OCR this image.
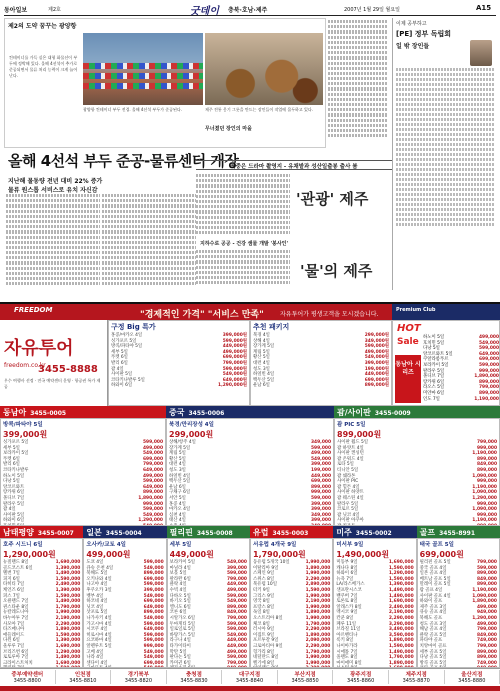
동아일보	제2호	굿데이 충북·호남·제주	2007년 1월 29일 월요일	A15
제2의 도약 꿈꾸는 광양항
컨테이너를 가득 실은 대형 화물선이 부두에 정박해 있다. 올해 4선석이 추가로 준공되면서 물류 처리 능력이 크게 늘어난다.
광양항 컨테이너 부두 전경. 올해 4선석 부두가 준공된다.	제주 전통 옹기 그릇을 만드는 장인들이 작업에 몰두하고 있다.
무너졌던 장인의 마을
올해 4선석 부두 준공-물류센터 개장
지난해 물동량 전년 대비 22% 증가
물류 원스톱 서비스로 유치 자신감
북중은 드라마 촬영지 - 유채밭과 성산일출봉 출사 붐
'관광' 제주
지하수로 공공 - 건강 샘물 개발 '봉사인'
'물'의 제주
이제 공부하고
[PE] 정부 독립회
일 밖 장인들
FREEDOM	"경제적인 가격" "서비스 만족"	자유투어가 평생고객을 모시겠습니다.
Premium Club
자유투어
freedom.co.kr
3455-8888
우수 여행사 선정 · 전국 예약센터 운영 · 항공권 특가 제공
구정 Big 특가
홍콩/마카오 4일	399,000원
싱가포르 5일	599,000원
방콕/파타야 5일	449,000원
세부 5일	499,000원
푸켓 6일	699,000원
발리 6일	799,000원
괌 4일	599,000원
사이판 5일	549,000원
코타키나발루 5일	649,000원
하와이 6일	1,290,000원
추천 패키지
북경 4일	299,000원
상해 4일	349,000원
장가계 5일	599,000원
계림 5일	499,000원
황산 5일	549,000원
대련 4일	399,000원
청도 3일	199,000원
하얼빈 4일	449,000원
백두산 5일	699,000원
운남 6일	899,000원
HOT
Sale
동남아 시리즈
하노이 5일	499,000
호치민 5일	549,000
다낭 5일	599,000
앙코르와트 5일	649,000
쿠알라룸푸르	699,000
보라카이 5일	599,000
팔라우 5일	999,000
몰디브 7일	1,890,000
랑카위 6일	899,000
라오스 5일	799,000
미얀마 6일	899,000
인도 7일	1,190,000
동남아 3455-0005
방콕/파타야 5일
399,000원
싱가포르 5일	599,000
세부 5일	499,000
보라카이 5일	549,000
푸켓 6일	699,000
발리 6일	799,000
코타키나발루	649,000
하노이 5일	499,000
다낭 5일	599,000
앙코르와트	649,000
랑카위 6일	899,000
몰디브 7일	1,890,000
팔라우 5일	999,000
괌 4일	599,000
사이판 5일	549,000
하와이 6일	1,290,000
중국 3455-0006
북경/만리장성 4일
299,000원
상해/항주 4일	349,000
장가계 5일	599,000
계림 5일	499,000
황산 5일	549,000
대련 4일	399,000
청도 3일	199,000
하얼빈 4일	449,000
백두산 5일	699,000
운남 6일	899,000
구채구 6일	999,000
서안 5일	599,000
홍콩 4일	399,000
마카오 4일	399,000
심천 4일	349,000
태산 4일	399,000
괌/사이판 3455-0009
괌 PIC 5일
899,000원
사이판 월드 5일	799,000
괌 하얏트 4일	999,000
사이판 켄싱턴	1,190,000
괌 온워드 4일	899,000
로타 5일	849,000
티니안 5일	899,000
괌 쉐라톤	1,090,000
사이판 PIC	999,000
괌 힐튼 4일	1,190,000
사이판 하얏트	1,090,000
괌 웨스틴 4일	1,290,000
팔라우 5일	999,000
코로르 5일	1,090,000
괌 닛코 4일	999,000
사이판 아쿠아	1,190,000
남태평양 3455-0007
호주 시드니 6일
1,290,000원
뉴질랜드 8일	1,690,000
골드코스트 6일	1,390,000
멜번 7일	1,490,000
피지 6일	1,590,000
타히티 7일	2,490,000
케언즈 6일	1,390,000
퍼스 7일	1,590,000
오클랜드 7일	1,490,000
퀸스타운 8일	1,790,000
뉴칼레도니아	1,990,000
바누아투 7일	2,190,000
사모아 7일	2,290,000
타즈매니아	1,890,000
애들레이드	1,590,000
다윈 6일	1,390,000
울루루 7일	1,690,000
브리즈번 6일	1,290,000
로토루아 7일	1,490,000
크라이스트처치	1,690,000
일본 3455-0004
오사카/교토 4일
499,000원
도쿄 4일	599,000
큐슈 온천 4일	549,000
북해도 5일	899,000
오키나와 4일	699,000
나고야 4일	599,000
후쿠오카 3일	399,000
벳부 4일	549,000
하코네 4일	699,000
닛코 4일	649,000
삿포로 5일	899,000
나가사키 4일	549,000
가고시마 4일	599,000
시코쿠 4일	649,000
히로시마 4일	599,000
요코하마 4일	599,000
알펜루트 5일	999,000
고베 4일	549,000
나라 4일	549,000
센다이 4일	699,000
필리핀 3455-0008
세부 5일
449,000원
보라카이 5일	549,000
마닐라 4일	399,000
보홀 5일	599,000
팔라완 6일	799,000
클락 4일	449,000
수빅 4일	499,000
다바오 5일	599,000
바기오 5일	549,000
엘니도 6일	899,000
코론 6일	849,000
시알가오 6일	799,000
두마게티 5일	599,000
일로일로 5일	599,000
바탕가스 5일	549,000
라구나 4일	449,000
타가이타이	449,000
막탄 5일	499,000
판다논 5일	599,000
카미귄 6일	799,000
유럽 3455-0003
서유럽 4개국 9일
1,790,000원
동유럽 5개국 10일	1,990,000
이탈리아 9일	1,890,000
스페인 9일	1,990,000
스위스 8일	2,290,000
북유럽 10일	2,890,000
터키 9일	1,590,000
그리스 9일	1,990,000
영국 8일	2,190,000
프랑스 8일	1,990,000
독일 8일	1,890,000
오스트리아 8일	1,990,000
체코 8일	1,790,000
러시아 9일	2,290,000
이집트 9일	1,890,000
포르투갈 9일	2,090,000
크로아티아 9일	2,290,000
헝가리 8일	1,790,000
네덜란드 8일	1,990,000
벨기에 8일	1,990,000
미주 3455-0002
미서부 9일
1,490,000원
미동부 9일	1,690,000
캐나다 8일	1,590,000
하와이 6일	1,290,000
뉴욕 7일	1,590,000
LA/라스베가스	1,390,000
샌프란시스코	1,490,000
밴쿠버 7일	1,490,000
토론토 8일	1,690,000
알래스카 8일	2,490,000
멕시코 9일	2,190,000
칸쿤 8일	2,290,000
페루 11일	3,290,000
브라질 11일	3,490,000
아르헨티나	3,590,000
록키 8일	1,890,000
나이아가라	1,590,000
시애틀 7일	1,490,000
올랜도 8일	1,790,000
마이애미 8일	1,890,000
골프 3455-8991
태국 골프 5일
699,000원
필리핀 골프 5일	799,000
중국 골프 4일	599,000
일본 골프 4일	899,000
베트남 골프 5일	849,000
말레이 골프 5일	899,000
괌 골프 4일	1,190,000
사이판 골프 4일	1,090,000
하와이 골프	1,890,000
제주 골프 3일	499,000
큐슈 골프 4일	949,000
북해도 골프	1,290,000
청도 골프 3일	499,000
해남 골프 4일	799,000
클락 골프 5일	849,000
파타야 골프	749,000
치앙마이 골프	799,000
세부 골프 5일	899,000
다낭 골프 5일	899,000
방콕 골프 5일	749,000
중부예약센터
3455-8800
인천점
3455-8810
경기북부
3455-8820
충청점
3455-8830
대구지점
3455-8840
부산지점
3455-8850
광주지점
3455-8860
제주지점
3455-8870
울산지점
3455-8880
